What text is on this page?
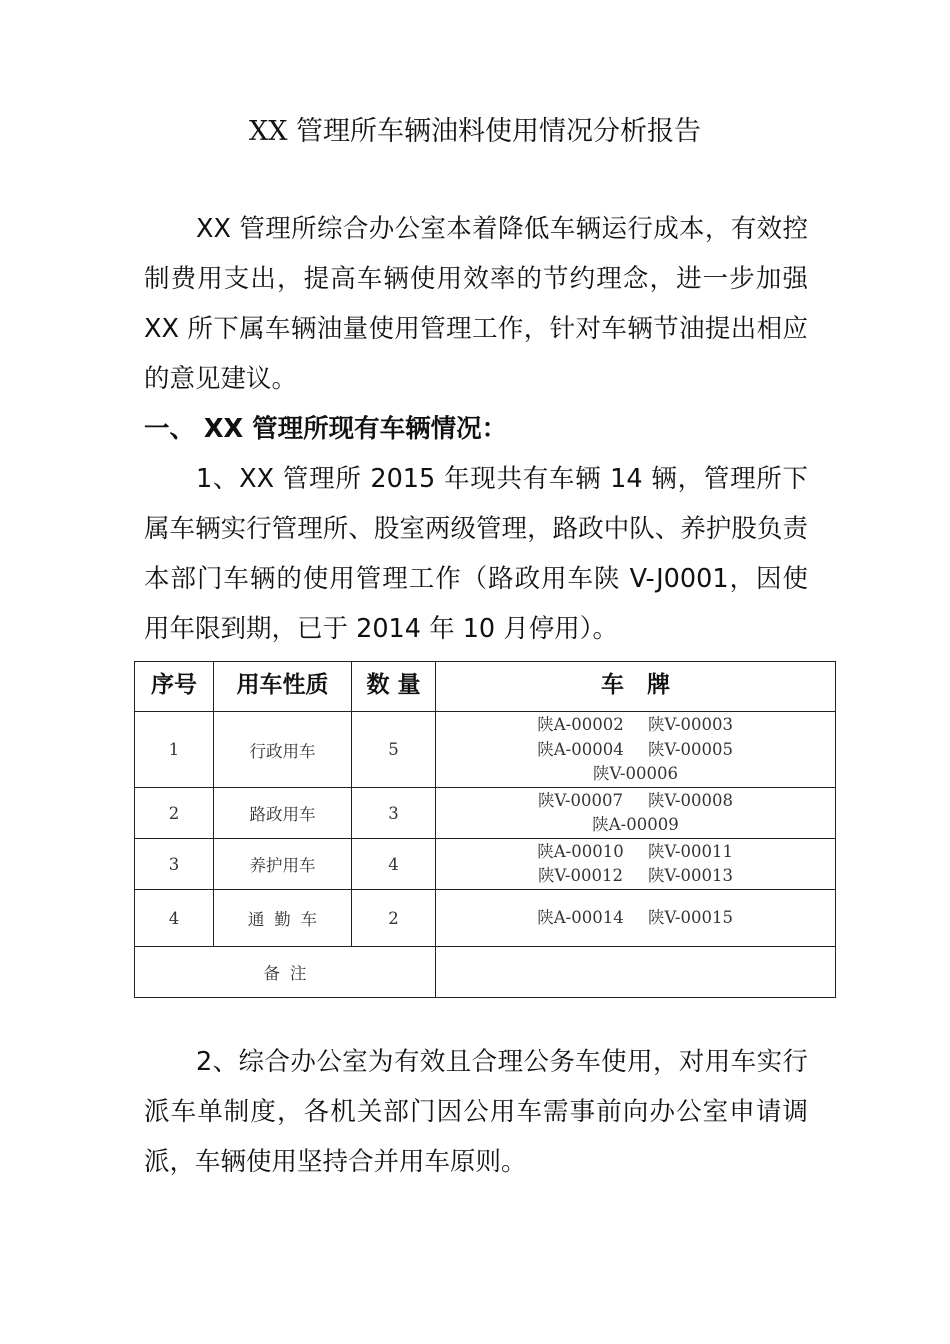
XX 管理所车辆油料使用情况分析报告

XX 管理所综合办公室本着降低车辆运行成本，有效控制费用支出，提高车辆使用效率的节约理念，进一步加强 XX 所下属车辆油量使用管理工作，针对车辆节油提出相应的意见建议。

一、 XX 管理所现有车辆情况：

1、XX 管理所 2015 年现共有车辆 14 辆，管理所下属车辆实行管理所、股室两级管理，路政中队、养护股负责本部门车辆的使用管理工作（路政用车陕 V-J0001，因使用年限到期，已于 2014 年 10 月停用）。

序号	用车性质	数 量	车　牌
1	行政用车	5	陕A-00002 陕V-00003
陕A-00004 陕V-00005
陕V-00006
2	路政用车	3	陕V-00007 陕V-00008
陕A-00009
3	养护用车	4	陕A-00010 陕V-00011
陕V-00012 陕V-00013
4	通勤车	2	陕A-00014 陕V-00015
备注			

2、综合办公室为有效且合理公务车使用，对用车实行派车单制度，各机关部门因公用车需事前向办公室申请调派，车辆使用坚持合并用车原则。
